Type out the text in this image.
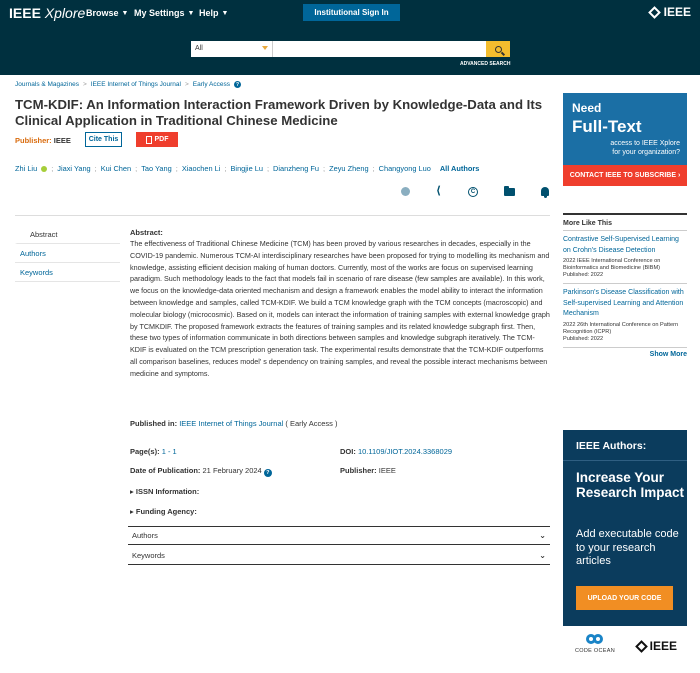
IEEE Xplore Browse ▼ My Settings ▼ Help ▼	Institutional Sign In	IEEE
All
ADVANCED SEARCH
Journals & Magazines > IEEE Internet of Things Journal > Early Access	?
TCM-KDIF: An Information Interaction Framework Driven by Knowledge-Data and Its Clinical Application in Traditional Chinese Medicine
Publisher: IEEE	Cite This	PDF
Zhi Liu ; Jiaxi Yang ; Kui Chen ; Tao Yang ; Xiaochen Li ; Bingjie Lu ; Dianzheng Fu ; Zeyu Zheng ; Changyong Luo All Authors
⟨
C
Abstract
Authors
Keywords
Abstract:
The effectiveness of Traditional Chinese Medicine (TCM) has been proved by various researches in decades, especially in the COVID-19 pandemic. Numerous TCM-AI interdisciplinary researches have been proposed for trying to modelling its mechanism and knowledge, assisting efficient decision making of human doctors. Currently, most of the works are focus on supervised learning paradigm. Such methodology leads to the fact that models fail in scenario of rare disease (few samples are available). In this work, we focus on the knowledge-data oriented mechanism and design a framework enables the model ability to interact the information between knowledge and samples, called TCM-KDIF. We build a TCM knowledge graph with the TCM concepts (macroscopic) and molecular biology (microcosmic). Based on it, models can interact the information of training samples with external knowledge graph by TCMKDIF. The proposed framework extracts the features of training samples and its related knowledge subgraph first. Then, these two types of information communicate in both directions between samples and knowledge subgraph iteratively. The TCM-KDIF is evaluated on the TCM prescription generation task. The experimental results demonstrate that the TCM-KDIF outperforms all comparison baselines, reduces model' s dependency on training samples, and reveal the possible interact mechanisms between medicine and symptoms.
Published in: IEEE Internet of Things Journal ( Early Access )
Page(s): 1 - 1	DOI: 10.1109/JIOT.2024.3368029
Date of Publication: 21 February 2024 ?	Publisher: IEEE
▸ ISSN Information:
▸ Funding Agency:
Authors	⌄
Keywords	⌄
Need
Full-Text
access to IEEE Xplore
for your organization?
CONTACT IEEE TO SUBSCRIBE ›
More Like This
Contrastive Self-Supervised Learning on Crohn's Disease Detection
2022 IEEE International Conference on Bioinformatics and Biomedicine (BIBM)
Published: 2022
Parkinson's Disease Classification with Self-supervised Learning and Attention Mechanism
2022 26th International Conference on Pattern Recognition (ICPR)
Published: 2022
Show More
IEEE Authors:
Increase Your Research Impact
Add executable code to your research articles
UPLOAD YOUR CODE
CODE OCEAN	IEEE
